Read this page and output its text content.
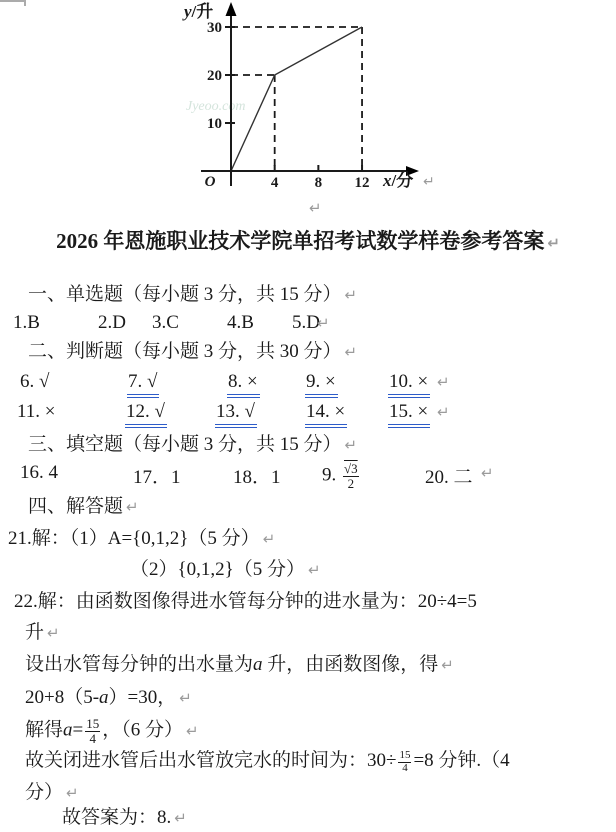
Jyeoo.com
4 8 12
10
20
30
y/升
x/分
O	↵
↵
2026 年恩施职业技术学院单招考试数学样卷参考答案 ↵
一、单选题（每小题 3 分，共 15 分） ↵
1.B	2.D 3.C	4.B 5.D
↵
二、判断题（每小题 3 分，共 30 分） ↵
6. √	7. √	8. ×	9. ×	10. × ↵
11. ×	12. √	13. √	14. × 15. × ↵
三、填空题（每小题 3 分，共 15 分） ↵
16. 4	17．1	18．1 9. $\frac{√3}{2}$	20. 二 ↵
四、解答题 ↵
21.解：（1）A={0,1,2}（5 分） ↵
（2）{0,1,2}（5 分） ↵
22.解：由函数图像得进水管每分钟的进水量为：20÷4=5
升 ↵
设出水管每分钟的出水量为a 升，由函数图像，得 ↵
20+8（5-a）=30， ↵
解得$a= \frac{15}{4}$ ，（6 分） ↵
故关闭进水管后出水管放完水的时间为：$30\div \frac{15}{4} =8$ 分钟.（4
分） ↵
故答案为：8. ↵
